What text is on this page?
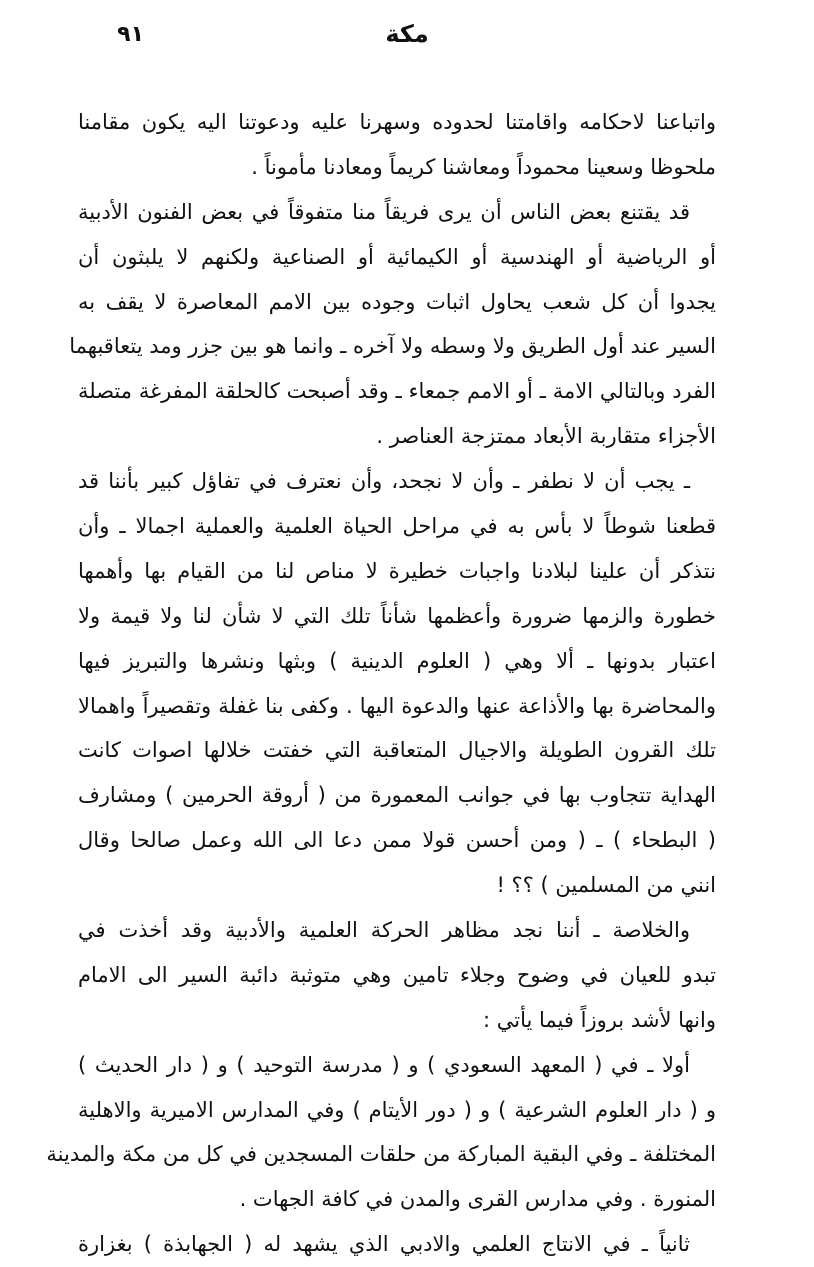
مكة
٩١
واتباعنا لاحكامه واقامتنا لحدوده وسهرنا عليه ودعوتنا اليه يكون مقامنا
ملحوظا وسعينا محموداً ومعاشنا كريماً ومعادنا مأموناً .
قد يقتنع بعض الناس أن يرى فريقاً منا متفوقاً في بعض الفنون الأدبية
أو الرياضية أو الهندسية أو الكيمائية أو الصناعية ولكنهم لا يلبثون أن
يجدوا أن كل شعب يحاول اثبات وجوده بين الامم المعاصرة لا يقف به
السير عند أول الطريق ولا وسطه ولا آخره ـ وانما هو بين جزر ومد يتعاقبهما
الفرد وبالتالي الامة ـ أو الامم جمعاء ـ وقد أصبحت كالحلقة المفرغة متصلة
الأجزاء متقاربة الأبعاد ممتزجة العناصر .
ـ يجب أن لا نطفر ـ وأن لا نجحد، وأن نعترف في تفاؤل كبير بأننا قد
قطعنا شوطاً لا بأس به في مراحل الحياة العلمية والعملية اجمالا ـ وأن
نتذكر أن علينا لبلادنا واجبات خطيرة لا مناص لنا من القيام بها وأهمها
خطورة والزمها ضرورة وأعظمها شأناً تلك التي لا شأن لنا ولا قيمة ولا
اعتبار بدونها ـ ألا وهي ( العلوم الدينية ) وبثها ونشرها والتبريز فيها
والمحاضرة بها والأذاعة عنها والدعوة اليها . وكفى بنا غفلة وتقصيراً واهمالا
تلك القرون الطويلة والاجيال المتعاقبة التي خفتت خلالها اصوات كانت
الهداية تتجاوب بها في جوانب المعمورة من ( أروقة الحرمين ) ومشارف
( البطحاء ) ـ ( ومن أحسن قولا ممن دعا الى الله وعمل صالحا وقال
انني من المسلمين ) ؟؟ !
والخلاصة ـ أننا نجد مظاهر الحركة العلمية والأدبية وقد أخذت في
تبدو للعيان في وضوح وجلاء تامين وهي متوثبة دائبة السير الى الامام
وانها لأشد بروزاً فيما يأتي :
أولا ـ في ( المعهد السعودي ) و ( مدرسة التوحيد ) و ( دار الحديث )
و ( دار العلوم الشرعية ) و ( دور الأيتام ) وفي المدارس الاميرية والاهلية
المختلفة ـ وفي البقية المباركة من حلقات المسجدين في كل من مكة والمدينة
المنورة . وفي مدارس القرى والمدن في كافة الجهات .
ثانياً ـ في الانتاج العلمي والادبي الذي يشهد له ( الجهابذة ) بغزارة
